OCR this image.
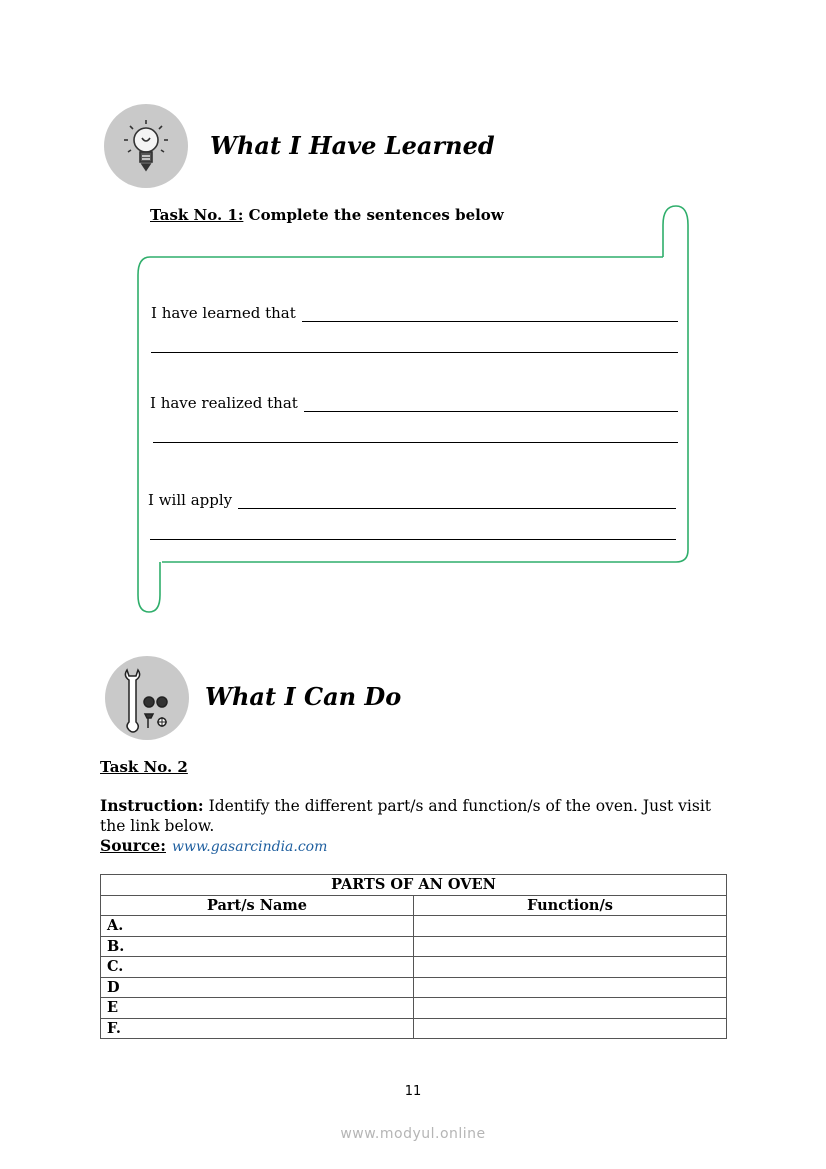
What I Have Learned
Task No. 1: Complete the sentences below
I have learned that
I have realized that
I will apply
What I Can Do
Task No. 2
Instruction: Identify the different part/s and function/s of the oven. Just visit the link below.
Source: www.gasarcindia.com
PARTS OF AN OVEN	
Part/s Name	Function/s
A.	
B.	
C.	
D	
E	
F.	
11
www.modyul.online
